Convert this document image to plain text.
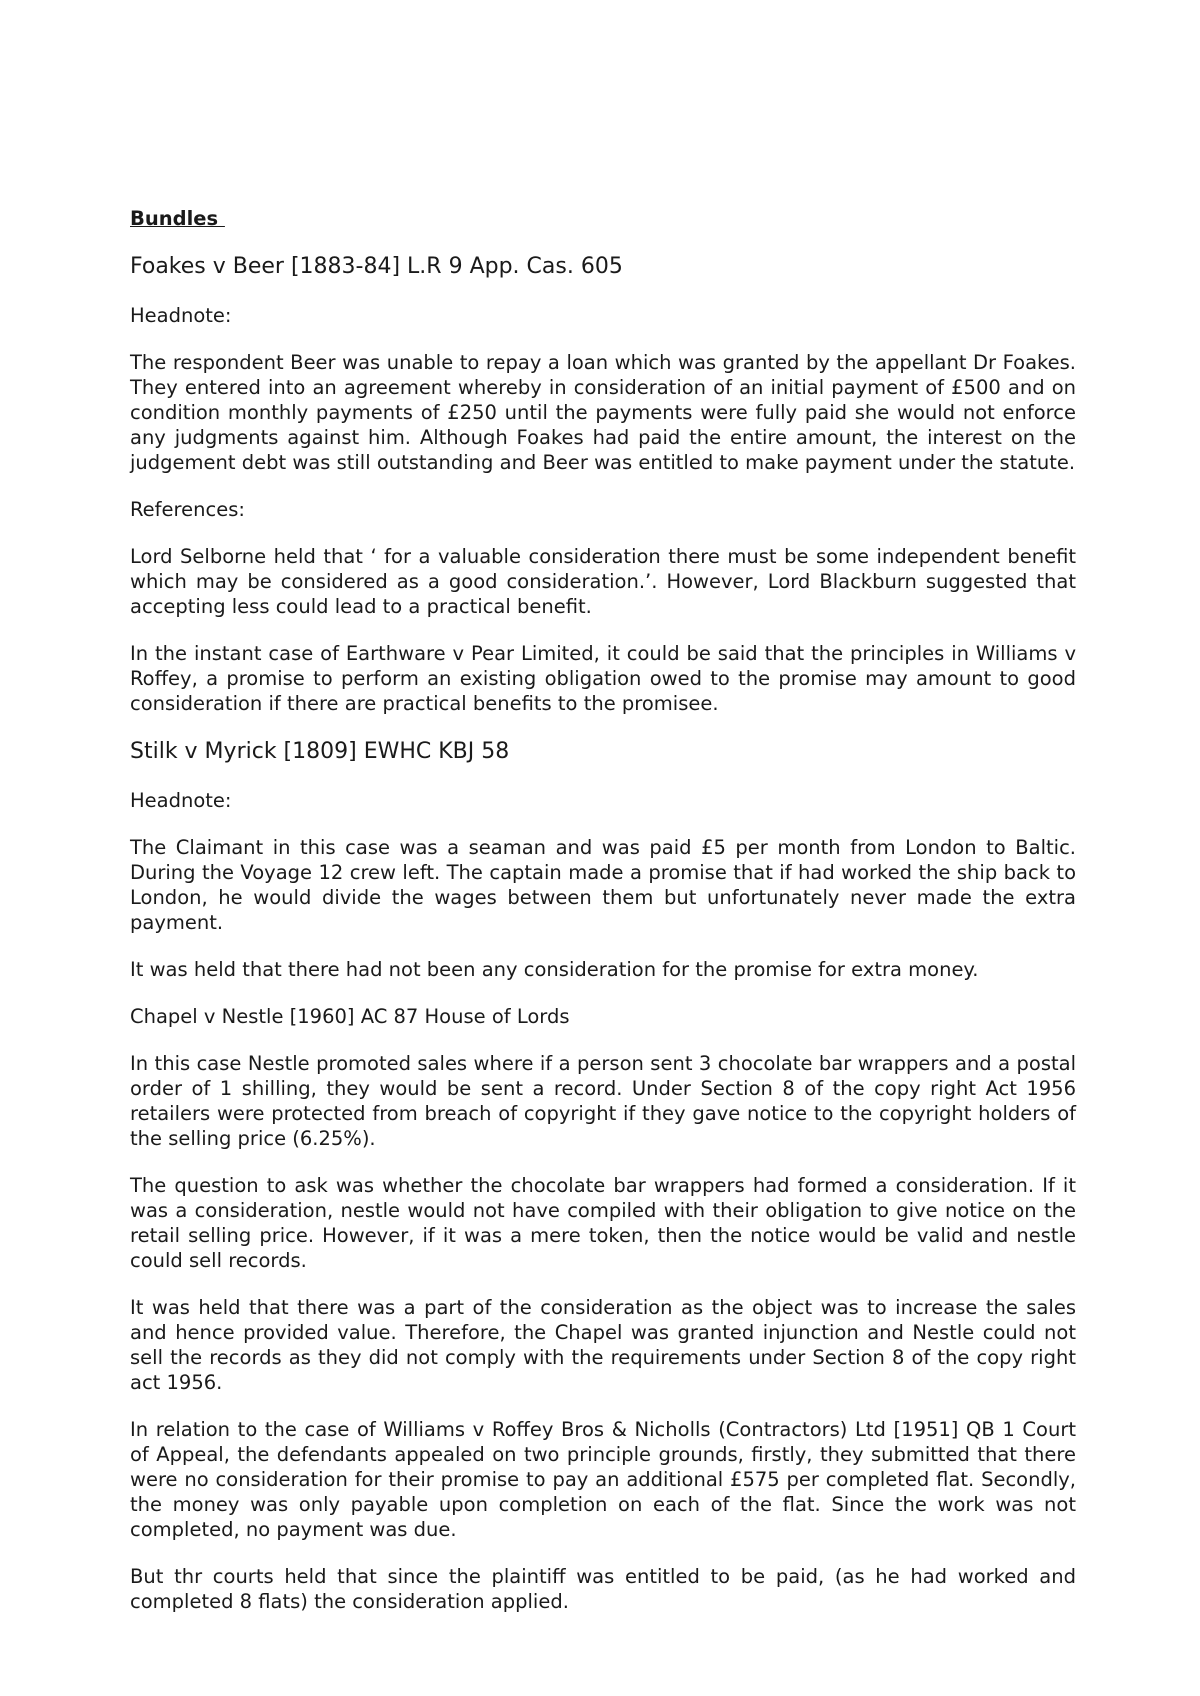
Bundles
Foakes v Beer [1883-84] L.R 9 App. Cas. 605
Headnote:
The respondent Beer was unable to repay a loan which was granted by the appellant Dr Foakes. They entered into an agreement whereby in consideration of an initial payment of £500 and on condition monthly payments of £250 until the payments were fully paid she would not enforce any judgments against him. Although Foakes had paid the entire amount, the interest on the judgement debt was still outstanding and Beer was entitled to make payment under the statute.
References:
Lord Selborne held that ‘ for a valuable consideration there must be some independent benefit which may be considered as a good consideration.’. However, Lord Blackburn suggested that accepting less could lead to a practical benefit.
In the instant case of Earthware v Pear Limited, it could be said that the principles in Williams v Roffey, a promise to perform an existing obligation owed to the promise may amount to good consideration if there are practical benefits to the promisee.
Stilk v Myrick [1809] EWHC KBJ 58
Headnote:
The Claimant in this case was a seaman and was paid £5 per month from London to Baltic. During the Voyage 12 crew left. The captain made a promise that if had worked the ship back to London, he would divide the wages between them but unfortunately never made the extra payment.
It was held that there had not been any consideration for the promise for extra money.
Chapel v Nestle [1960] AC 87 House of Lords
In this case Nestle promoted sales where if a person sent 3 chocolate bar wrappers and a postal order of 1 shilling, they would be sent a record. Under Section 8 of the copy right Act 1956 retailers were protected from breach of copyright if they gave notice to the copyright holders of the selling price (6.25%).
The question to ask was whether the chocolate bar wrappers had formed a consideration. If it was a consideration, nestle would not have compiled with their obligation to give notice on the retail selling price. However, if it was a mere token, then the notice would be valid and nestle could sell records.
It was held that there was a part of the consideration as the object was to increase the sales and hence provided value. Therefore, the Chapel was granted injunction and Nestle could not sell the records as they did not comply with the requirements under Section 8 of the copy right act 1956.
In relation to the case of Williams v Roffey Bros & Nicholls (Contractors) Ltd [1951] QB 1 Court of Appeal, the defendants appealed on two principle grounds, firstly, they submitted that there were no consideration for their promise to pay an additional £575 per completed flat. Secondly, the money was only payable upon completion on each of the flat. Since the work was not completed, no payment was due.
But thr courts held that since the plaintiff was entitled to be paid, (as he had worked and completed 8 flats) the consideration applied.
